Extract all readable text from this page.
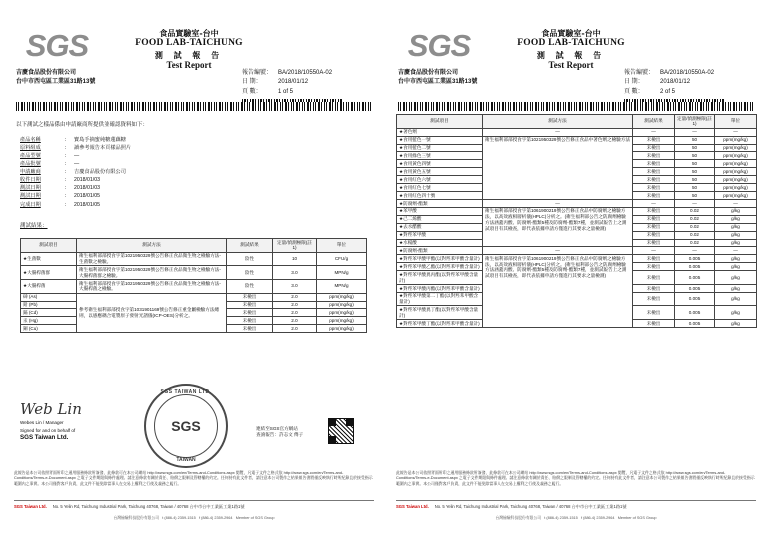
SGS	食品實驗室-台中
FOOD LAB-TAICHUNG
測 試 報 告
Test Report
吉慶食品股份有限公司
台中市西屯區工業區31路13號
報告編號： BA/2018/10550A-02
日 期：	2018/01/12
頁 數：	1 of 5
以下測試之樣品係由申請廠商所提供並確認資料如下：
產品名稱	： 寶島手摘蜜純糖蓮藕糖
原料組成	： 讀參考報告本頁樣品照片
產品型號	： —
產品批號	： —
申請廠商	： 吉慶食品股份有限公司
收件日期	： 2018/01/03
測試日期	： 2018/01/03
測試日期	： 2018/01/05
完成日期	： 2018/01/05
測試結果：
測試項目	測試方法	測試結果	定量/偵測極限(註1)	單位
★生菌數	衛生福利部部授食字第1021950329號公告修正食品微生物之檢驗方法-生菌數之檢驗。	陰性	10	CFU/g
★大腸桿菌群	衛生福利部部授食字第1021950329號公告修正食品微生物之檢驗方法-大腸桿菌群之檢驗。	陰性	3.0	MPN/g
★大腸桿菌	衛生福利部部授食字第1021950329號公告修正食品微生物之檢驗方法-大腸桿菌之檢驗。	陰性	3.0	MPN/g
砷 (As)	參考衛生福利部部授食字第1031901169號公告修正重金屬檢驗方法總則，以感應耦合電漿原子發射光譜儀(ICP-OES)分析之。	未檢出	2.0	ppm(mg/kg)
鉛 (Pb)		未檢出	2.0	ppm(mg/kg)
鎘 (Cd)		未檢出	2.0	ppm(mg/kg)
汞 (Hg)		未檢出	2.0	ppm(mg/kg)
銅 (Cu)		未檢出	2.0	ppm(mg/kg)
Web Lin
Webes Lin / Manager
Signed for and on behalf of
SGS Taiwan Ltd.
SGS TAIWAN LTD.
SGS
TAIWAN
連結至SGS官方網站
查詢報告：許志文 傅子
此報告是本公司依照背面所印之通用服務條款所簽發，此條款可在本公司網站 http://www.sgs.com/en/Terms-and-Conditions.aspx 閱覽，凡電子文件之格式依 http://www.sgs.com/en/Terms-and-Conditions/Terms-e-Document.aspx 之電子文件期限與條件處理。請注意條款有關於責任、賠償之限制及管轄權的約定。任何持有此文件者，請注意本公司製作之結果報告書將僅反映執行時所紀錄且於接受指示範圍內之事實。本公司僅對客戶負責，此文件不能免除當事人在交易上權利之行使及義務之履行。
SGS Taiwan Ltd. No. 5 Yelin Rd, Taichung Industrial Park, Taichung 40768, Taiwan / 40768 台中市台中工業區工業1路1號
台灣檢驗科技股份有限公司 t (886-4) 2359-1515 f (886-4) 2359-2964 Member of SGS Group
SGS	食品實驗室-台中
FOOD LAB-TAICHUNG
測 試 報 告
Test Report
吉慶食品股份有限公司
台中市西屯區工業區31路13號
報告編號： BA/2018/10550A-02
日 期：	2018/01/12
頁 數：	2 of 5
測試項目	測試方法	測試結果	定量/偵測極限(註1)	單位
★著色劑	—	—	—	—
★食用藍色一號	衛生福利部部授食字第1021950329號公告修正食品中著色劑之檢驗方法	未檢出	50	ppm(mg/kg)
★食用藍色二號		未檢出	50	ppm(mg/kg)
★食用綠色三號		未檢出	50	ppm(mg/kg)
★食用黃色四號		未檢出	50	ppm(mg/kg)
★食用黃色五號		未檢出	50	ppm(mg/kg)
★食用紅色六號		未檢出	50	ppm(mg/kg)
★食用紅色七號		未檢出	50	ppm(mg/kg)
★食用紅色四十號		未檢出	50	ppm(mg/kg)
★防腐劑-酯類	—	—	—	—
★苯甲酸	衛生福利部部授食字第1061900219號公告修正食品中防腐劑之檢驗方法，以高效液相層析儀(HPLC)分析之。(衛生福利部公告之防腐劑檢驗方法涵蓋丙酸、防腐劑-酯類5種及防腐劑-酯類7種，並測試報告上之測試項目有其檢查，即代表依據申請方僅進行其要求之量檢測)	未檢出	0.02	g/kg
★己二烯酸		未檢出	0.02	g/kg
★去水醋酸		未檢出	0.02	g/kg
★對羥苯甲酸		未檢出	0.02	g/kg
★水楊酸		未檢出	0.02	g/kg
★防腐劑-酯類	—	—	—	—
★對羥苯甲酸甲酯(以對羥苯甲酸含量計)	衛生福利部部授食字第1061900219號公告修正食品中防腐劑之檢驗方法，以高效液相層析儀(HPLC)分析之。(衛生福利部公告之防腐劑檢驗方法涵蓋丙酸、防腐劑-酯類5種及防腐劑-酯類7種，並測試報告上之測試項目有其檢查，即代表依據申請方僅進行其要求之量檢測)	未檢出	0.005	g/kg
★對羥苯甲酸乙酯(以對羥苯甲酸含量計)		未檢出	0.005	g/kg
★對羥苯甲酸異丙酯(以對羥苯甲酸含量計)		未檢出	0.005	g/kg
★對羥苯甲酸丙酯(以對羥苯甲酸含量計)		未檢出	0.005	g/kg
★對羥苯甲酸第二丁酯(以對羥苯甲酸含量計)		未檢出	0.005	g/kg
★對羥苯甲酸異丁酯(以對羥苯甲酸含量計)		未檢出	0.005	g/kg
★對羥苯甲酸丁酯(以對羥苯甲酸含量計)		未檢出	0.005	g/kg
此報告是本公司依照背面所印之通用服務條款所簽發，此條款可在本公司網站 http://www.sgs.com/en/Terms-and-Conditions.aspx 閱覽，凡電子文件之格式依 http://www.sgs.com/en/Terms-and-Conditions/Terms-e-Document.aspx 之電子文件期限與條件處理。請注意條款有關於責任、賠償之限制及管轄權的約定。任何持有此文件者，請注意本公司製作之結果報告書將僅反映執行時所紀錄且於接受指示範圍內之事實。本公司僅對客戶負責，此文件不能免除當事人在交易上權利之行使及義務之履行。
SGS Taiwan Ltd. No. 5 Yelin Rd, Taichung Industrial Park, Taichung 40768, Taiwan / 40768 台中市台中工業區工業1路1號
台灣檢驗科技股份有限公司 t (886-4) 2359-1515 f (886-4) 2359-2964 Member of SGS Group
